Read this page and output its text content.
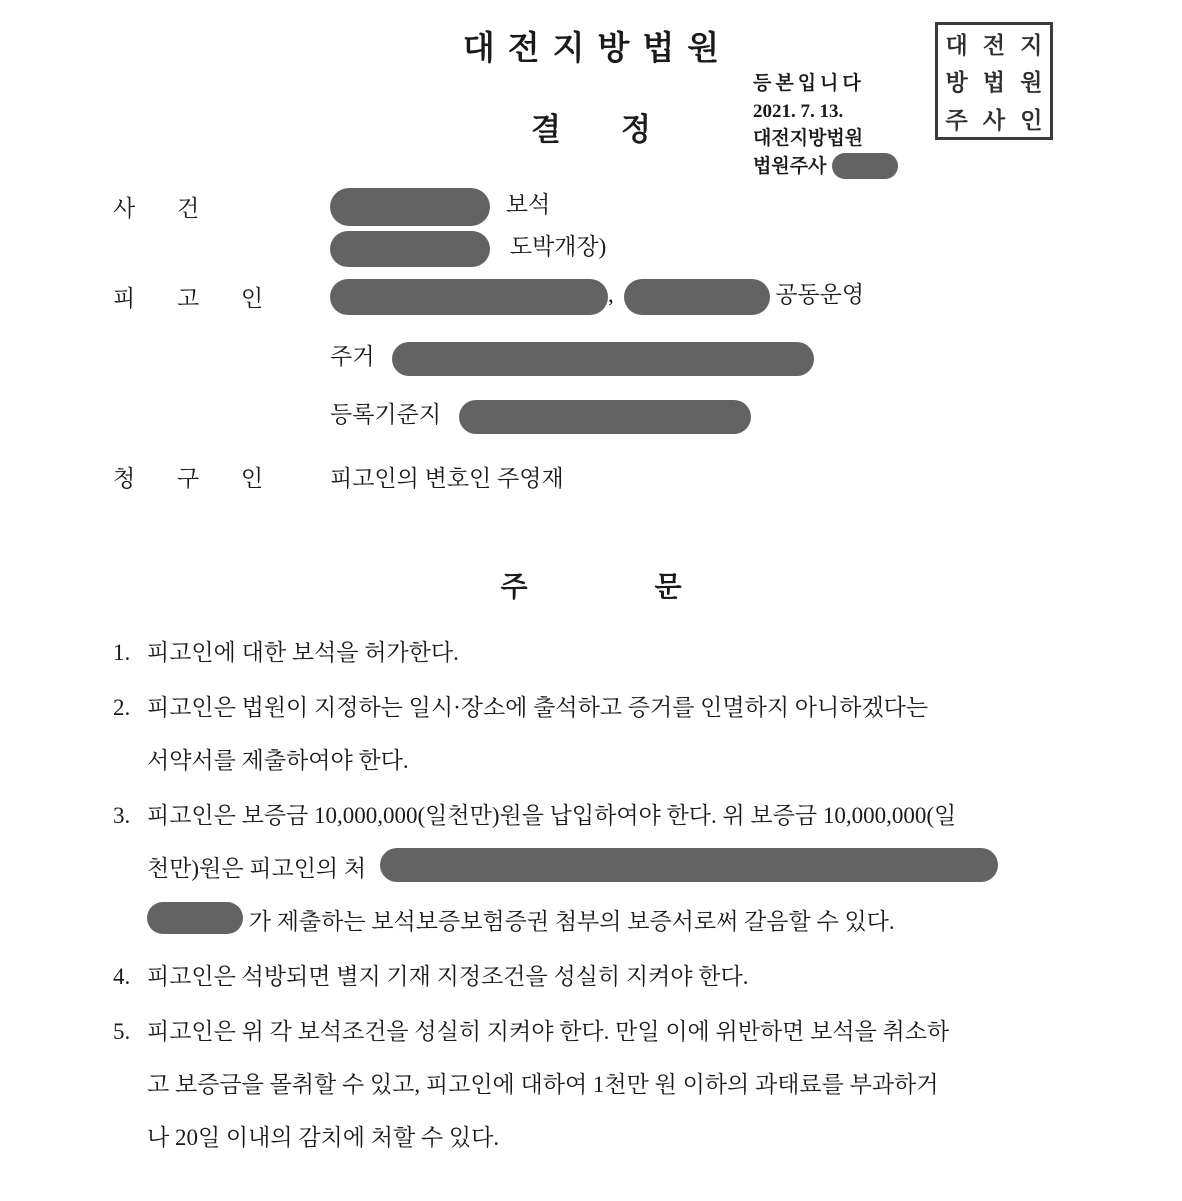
대전지방법원
결정
등본입니다
2021. 7. 13.
대전지방법원
법원주사
대 전 지
방 법 원
주 사 인
사 건	보석
도박개장)
피 고 인	,	공동운영
주거
등록기준지
청 구 인 피고인의 변호인 주영재
주 문
1. 피고인에 대한 보석을 허가한다.

2. 피고인은 법원이 지정하는 일시·장소에 출석하고 증거를 인멸하지 아니하겠다는

서약서를 제출하여야 한다.

3. 피고인은 보증금 10,000,000(일천만)원을 납입하여야 한다. 위 보증금 10,000,000(일

천만)원은 피고인의 처

가 제출하는 보석보증보험증권 첨부의 보증서로써 갈음할 수 있다.

4. 피고인은 석방되면 별지 기재 지정조건을 성실히 지켜야 한다.

5. 피고인은 위 각 보석조건을 성실히 지켜야 한다. 만일 이에 위반하면 보석을 취소하

고 보증금을 몰취할 수 있고, 피고인에 대하여 1천만 원 이하의 과태료를 부과하거

나 20일 이내의 감치에 처할 수 있다.
